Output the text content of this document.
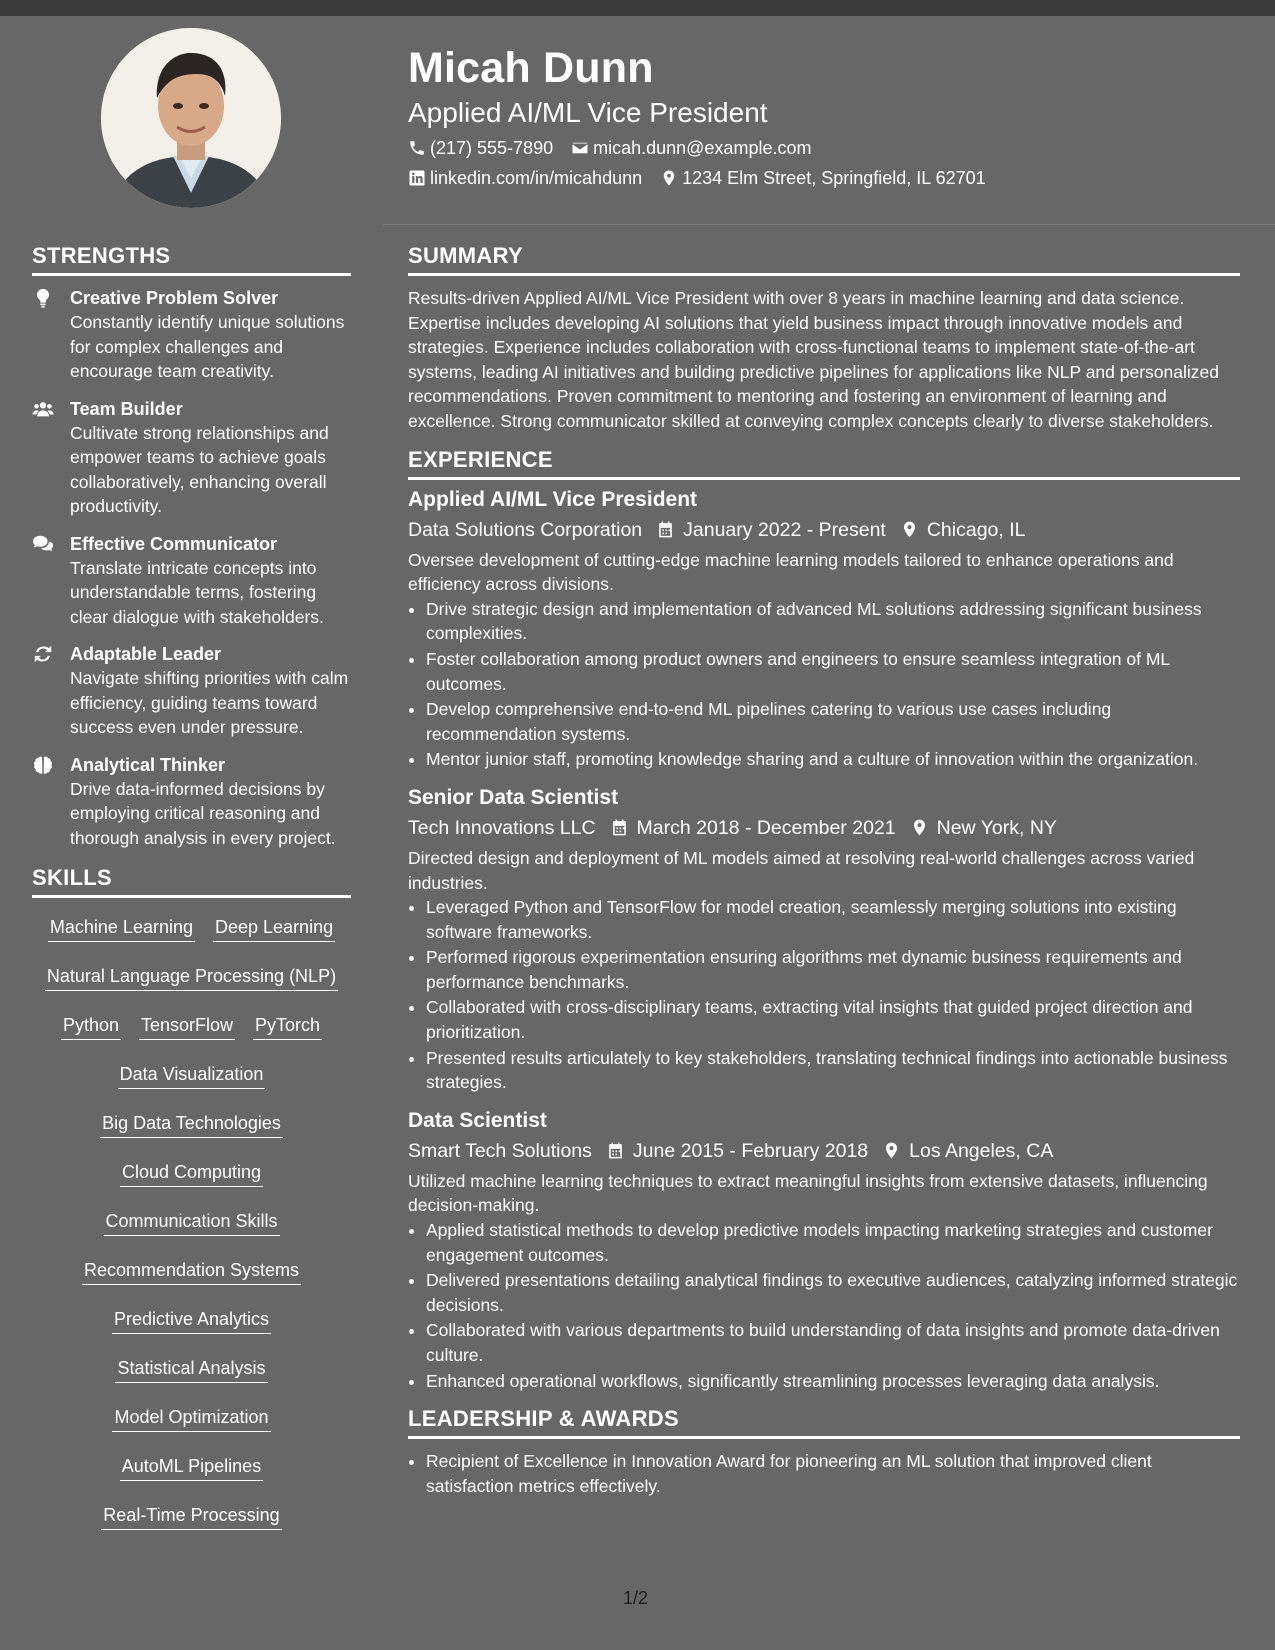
Micah Dunn
Applied AI/ML Vice President
(217) 555-7890 micah.dunn@example.com
linkedin.com/in/micahdunn 1234 Elm Street, Springfield, IL 62701
STRENGTHS
Creative Problem Solver
Constantly identify unique solutions for complex challenges and encourage team creativity.
Team Builder
Cultivate strong relationships and empower teams to achieve goals collaboratively, enhancing overall productivity.
Effective Communicator
Translate intricate concepts into understandable terms, fostering clear dialogue with stakeholders.
Adaptable Leader
Navigate shifting priorities with calm efficiency, guiding teams toward success even under pressure.
Analytical Thinker
Drive data-informed decisions by employing critical reasoning and thorough analysis in every project.
SKILLS
Machine Learning Deep Learning
Natural Language Processing (NLP)
Python TensorFlow PyTorch
Data Visualization
Big Data Technologies
Cloud Computing
Communication Skills
Recommendation Systems
Predictive Analytics
Statistical Analysis
Model Optimization
AutoML Pipelines
Real-Time Processing
SUMMARY

Results-driven Applied AI/ML Vice President with over 8 years in machine learning and data science. Expertise includes developing AI solutions that yield business impact through innovative models and strategies. Experience includes collaboration with cross-functional teams to implement state-of-the-art systems, leading AI initiatives and building predictive pipelines for applications like NLP and personalized recommendations. Proven commitment to mentoring and fostering an environment of learning and excellence. Strong communicator skilled at conveying complex concepts clearly to diverse stakeholders.

EXPERIENCE
Applied AI/ML Vice President
Data Solutions Corporation January 2022 - Present Chicago, IL
Oversee development of cutting-edge machine learning models tailored to enhance operations and efficiency across divisions.
• Drive strategic design and implementation of advanced ML solutions addressing significant business complexities.
• Foster collaboration among product owners and engineers to ensure seamless integration of ML outcomes.
• Develop comprehensive end-to-end ML pipelines catering to various use cases including recommendation systems.
• Mentor junior staff, promoting knowledge sharing and a culture of innovation within the organization.
Senior Data Scientist
Tech Innovations LLC March 2018 - December 2021 New York, NY
Directed design and deployment of ML models aimed at resolving real-world challenges across varied industries.
• Leveraged Python and TensorFlow for model creation, seamlessly merging solutions into existing software frameworks.
• Performed rigorous experimentation ensuring algorithms met dynamic business requirements and performance benchmarks.
• Collaborated with cross-disciplinary teams, extracting vital insights that guided project direction and prioritization.
• Presented results articulately to key stakeholders, translating technical findings into actionable business strategies.
Data Scientist
Smart Tech Solutions June 2015 - February 2018 Los Angeles, CA
Utilized machine learning techniques to extract meaningful insights from extensive datasets, influencing decision-making.
• Applied statistical methods to develop predictive models impacting marketing strategies and customer engagement outcomes.
• Delivered presentations detailing analytical findings to executive audiences, catalyzing informed strategic decisions.
• Collaborated with various departments to build understanding of data insights and promote data-driven culture.
• Enhanced operational workflows, significantly streamlining processes leveraging data analysis.
LEADERSHIP & AWARDS
• Recipient of Excellence in Innovation Award for pioneering an ML solution that improved client satisfaction metrics effectively.
1/2
